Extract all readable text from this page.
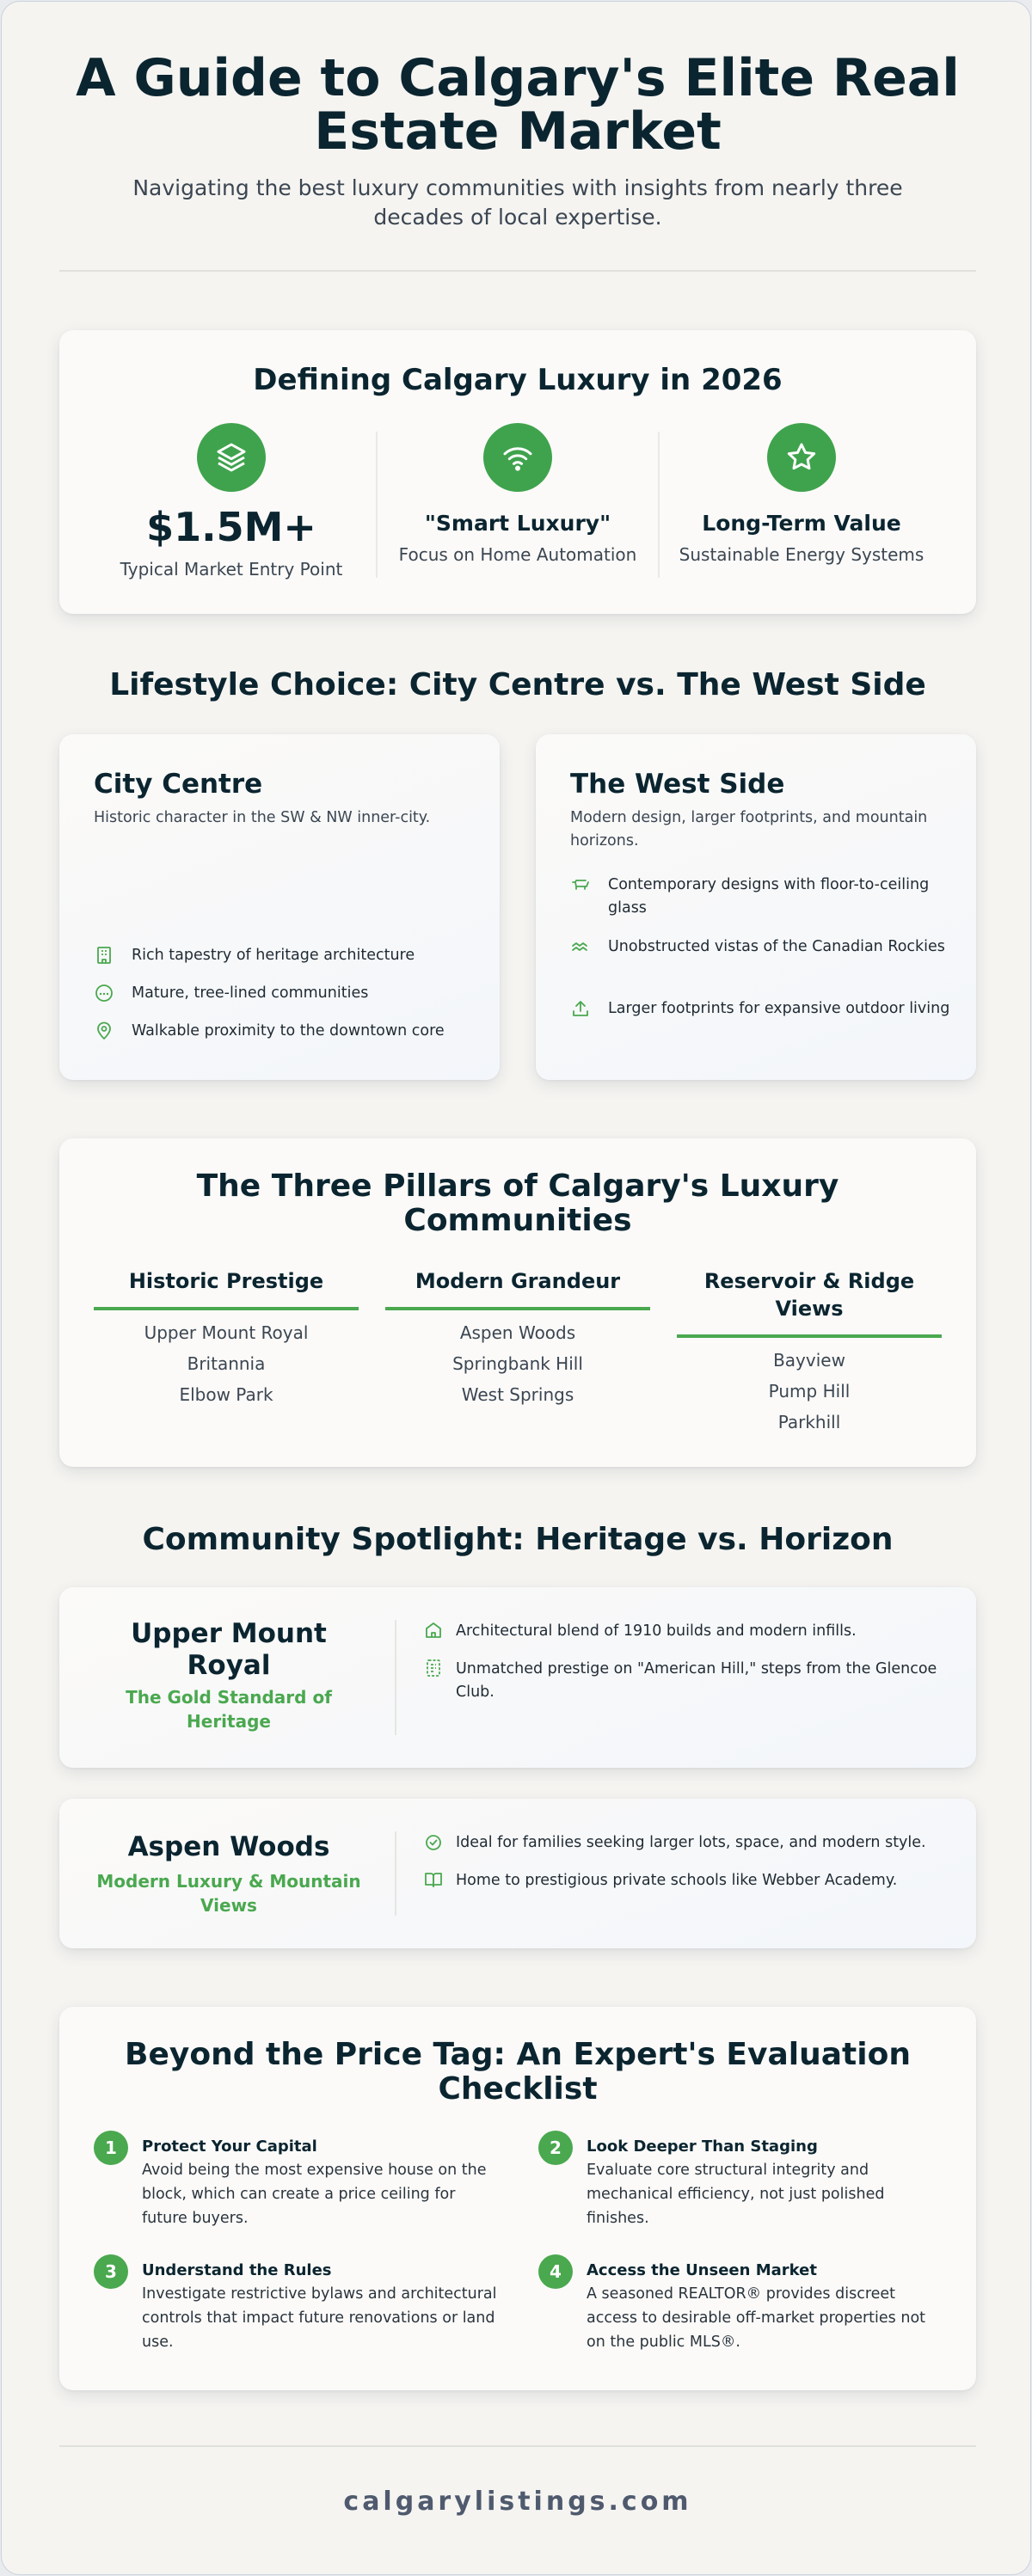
A Guide to Calgary's Elite Real Estate Market

Navigating the best luxury communities with insights from nearly three decades of local expertise.

Defining Calgary Luxury in 2026
$1.5M+
Typical Market Entry Point
"Smart Luxury"
Focus on Home Automation
Long-Term Value
Sustainable Energy Systems
Lifestyle Choice: City Centre vs. The West Side
City Centre
Historic character in the SW & NW inner-city.
Rich tapestry of heritage architecture
Mature, tree-lined communities
Walkable proximity to the downtown core
The West Side
Modern design, larger footprints, and mountain horizons.
Contemporary designs with floor-to-ceiling glass
Unobstructed vistas of the Canadian Rockies
Larger footprints for expansive outdoor living
The Three Pillars of Calgary's Luxury Communities
Historic Prestige
Upper Mount Royal
Britannia
Elbow Park
Modern Grandeur
Aspen Woods
Springbank Hill
West Springs
Reservoir & Ridge Views
Bayview
Pump Hill
Parkhill
Community Spotlight: Heritage vs. Horizon
Upper Mount Royal
The Gold Standard of Heritage
Architectural blend of 1910 builds and modern infills.
Unmatched prestige on "American Hill," steps from the Glencoe Club.
Aspen Woods
Modern Luxury & Mountain Views
Ideal for families seeking larger lots, space, and modern style.
Home to prestigious private schools like Webber Academy.
Beyond the Price Tag: An Expert's Evaluation Checklist
1	Protect Your Capital
Avoid being the most expensive house on the block, which can create a price ceiling for future buyers.
2	Look Deeper Than Staging
Evaluate core structural integrity and mechanical efficiency, not just polished finishes.
3	Understand the Rules
Investigate restrictive bylaws and architectural controls that impact future renovations or land use.
4	Access the Unseen Market
A seasoned REALTOR® provides discreet access to desirable off-market properties not on the public MLS®.
calgarylistings.com
